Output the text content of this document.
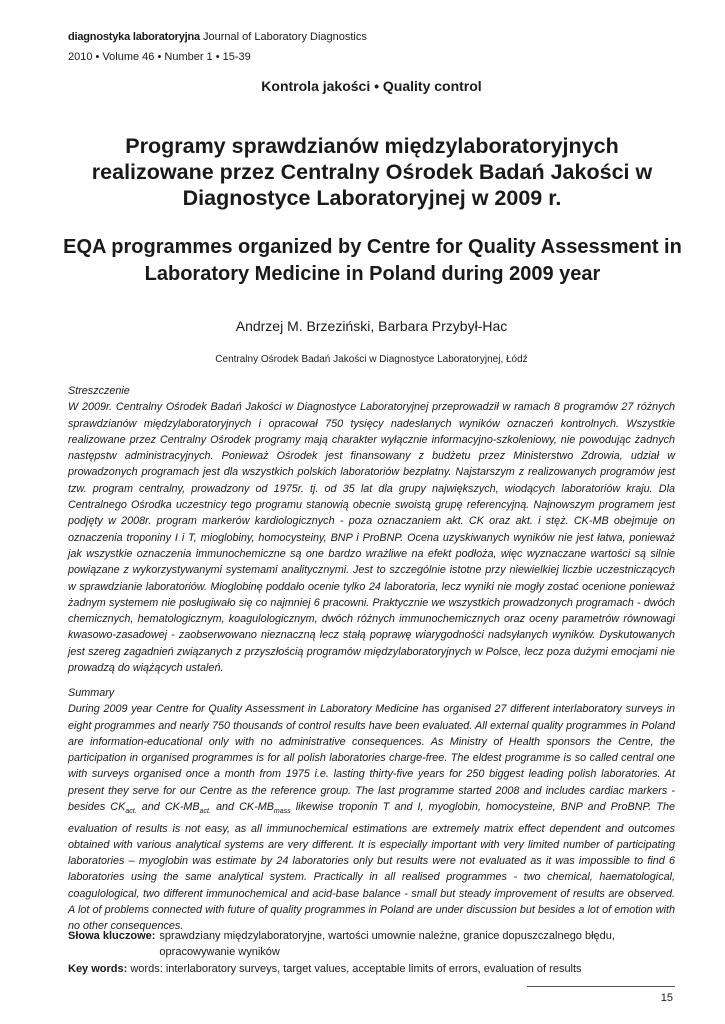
diagnostyka laboratoryjna Journal of Laboratory Diagnostics
2010 • Volume 46 • Number 1 • 15-39
Kontrola jakości • Quality control
Programy sprawdzianów międzylaboratoryjnych realizowane przez Centralny Ośrodek Badań Jakości w Diagnostyce Laboratoryjnej w 2009 r.
EQA programmes organized by Centre for Quality Assessment in Laboratory Medicine in Poland during 2009 year
Andrzej M. Brzeziński, Barbara Przybył-Hac
Centralny Ośrodek Badań Jakości w Diagnostyce Laboratoryjnej, Łódź
Streszczenie

W 2009r. Centralny Ośrodek Badań Jakości w Diagnostyce Laboratoryjnej przeprowadził w ramach 8 programów 27 różnych sprawdzianów międzylaboratoryjnych i opracował 750 tysięcy nadesłanych wyników oznaczeń kontrolnych. Wszystkie realizowane przez Centralny Ośrodek programy mają charakter wyłącznie informacyjno-szkoleniowy, nie powodując żadnych następstw administracyjnych. Ponieważ Ośrodek jest finansowany z budżetu przez Ministerstwo Zdrowia, udział w prowadzonych programach jest dla wszystkich polskich laboratoriów bezpłatny. Najstarszym z realizowanych programów jest tzw. program centralny, prowadzony od 1975r. tj. od 35 lat dla grupy największych, wiodących laboratoriów kraju. Dla Centralnego Ośrodka uczestnicy tego programu stanowią obecnie swoistą grupę referencyjną. Najnowszym programem jest podjęty w 2008r. program markerów kardiologicznych - poza oznaczaniem akt. CK oraz akt. i stęż. CK-MB obejmuje on oznaczenia troponiny I i T, mioglobiny, homocysteiny, BNP i ProBNP. Ocena uzyskiwanych wyników nie jest łatwa, ponieważ jak wszystkie oznaczenia immunochemiczne są one bardzo wrażliwe na efekt podłoża, więc wyznaczane wartości są silnie powiązane z wykorzystywanymi systemami analitycznymi. Jest to szczególnie istotne przy niewielkiej liczbie uczestniczących w sprawdzianie laboratoriów. Mioglobinę poddało ocenie tylko 24 laboratoria, lecz wyniki nie mogły zostać ocenione ponieważ żadnym systemem nie posługiwało się co najmniej 6 pracowni. Praktycznie we wszystkich prowadzonych programach - dwóch chemicznych, hematologicznym, koagulologicznym, dwóch różnych immunochemicznych oraz oceny parametrów równowagi kwasowo-zasadowej - zaobserwowano nieznaczną lecz stałą poprawę wiarygodności nadsyłanych wyników. Dyskutowanych jest szereg zagadnień związanych z przyszłością programów międzylaboratoryjnych w Polsce, lecz poza dużymi emocjami nie prowadzą do wiążących ustaleń.

Summary

During 2009 year Centre for Quality Assessment in Laboratory Medicine has organised 27 different interlaboratory surveys in eight programmes and nearly 750 thousands of control results have been evaluated. All external quality programmes in Poland are information-educational only with no administrative consequences. As Ministry of Health sponsors the Centre, the participation in organised programmes is for all polish laboratories charge-free. The eldest programme is so called central one with surveys organised once a month from 1975 i.e. lasting thirty-five years for 250 biggest leading polish laboratories. At present they serve for our Centre as the reference group. The last programme started 2008 and includes cardiac markers - besides $CK_{act.}$ and $CK-MB_{act.}$ and $CK-MB_{mass}$ likewise troponin T and I, myoglobin, homocysteine, BNP and ProBNP. The evaluation of results is not easy, as all immunochemical estimations are extremely matrix effect dependent and outcomes obtained with various analytical systems are very different. It is especially important with very limited number of participating laboratories – myoglobin was estimate by 24 laboratories only but results were not evaluated as it was impossible to find 6 laboratories using the same analytical system. Practically in all realised programmes - two chemical, haematological, coagulological, two different immunochemical and acid-base balance - small but steady improvement of results are observed. A lot of problems connected with future of quality programmes in Poland are under discussion but besides a lot of emotion with no other consequences.

Słowa kluczowe: sprawdziany międzylaboratoryjne, wartości umownie należne, granice dopuszczalnego błędu, opracowywanie wyników
Key words: words: interlaboratory surveys, target values, acceptable limits of errors, evaluation of results
15
